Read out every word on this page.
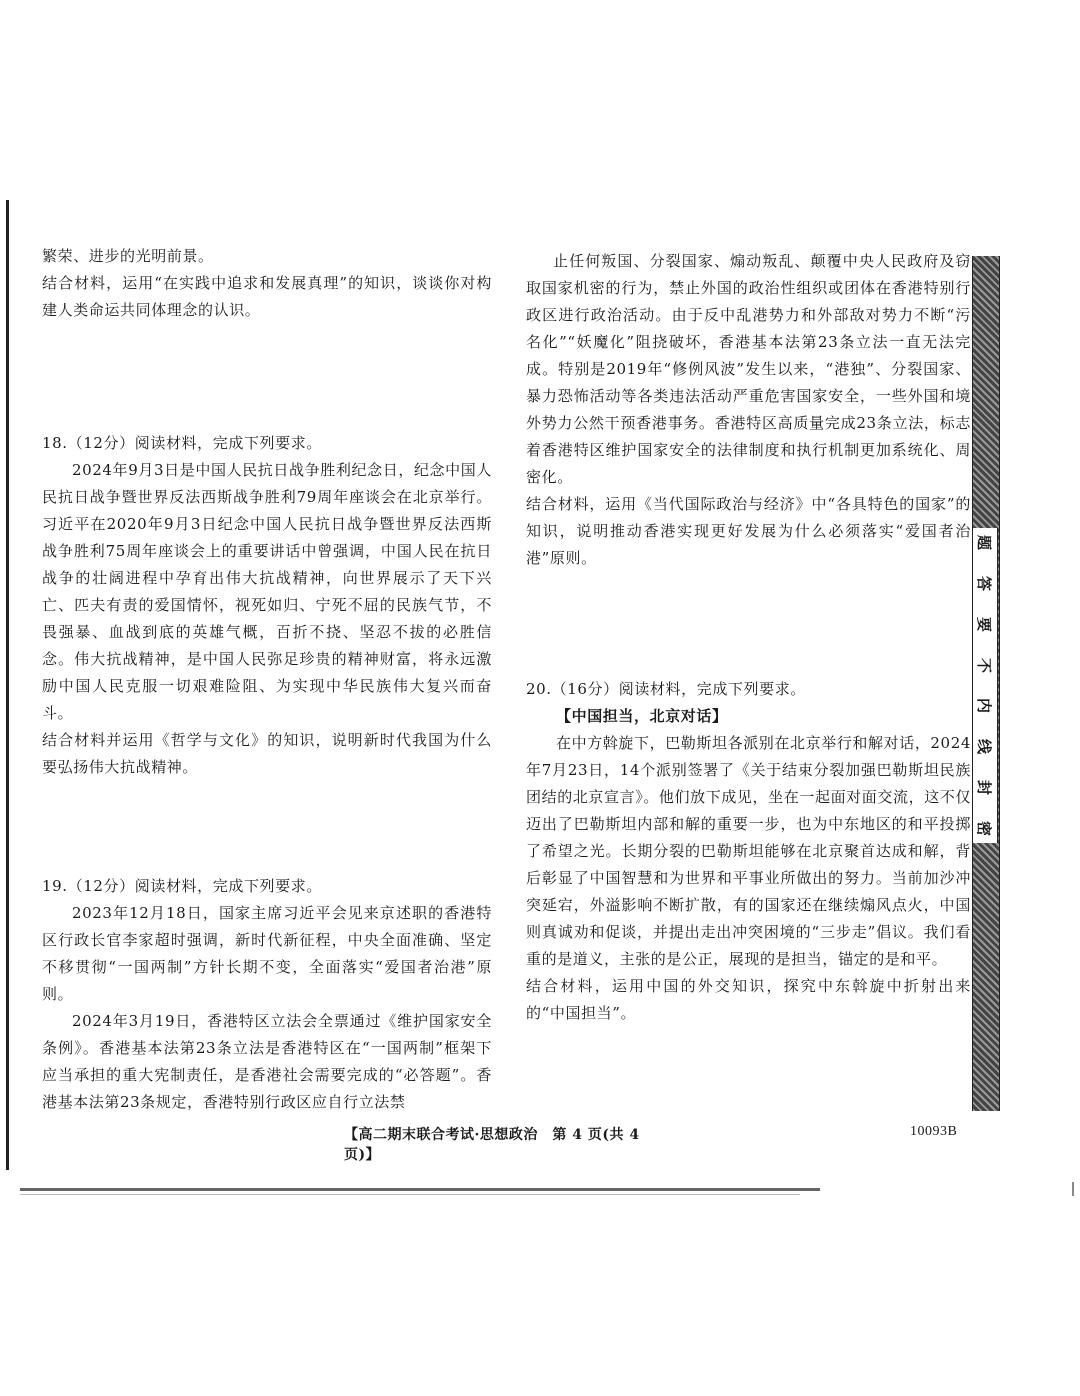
繁荣、进步的光明前景。

结合材料，运用“在实践中追求和发展真理”的知识，谈谈你对构建人类命运共同体理念的认识。

18.（12分）阅读材料，完成下列要求。

2024年9月3日是中国人民抗日战争胜利纪念日，纪念中国人民抗日战争暨世界反法西斯战争胜利79周年座谈会在北京举行。习近平在2020年9月3日纪念中国人民抗日战争暨世界反法西斯战争胜利75周年座谈会上的重要讲话中曾强调，中国人民在抗日战争的壮阔进程中孕育出伟大抗战精神，向世界展示了天下兴亡、匹夫有责的爱国情怀，视死如归、宁死不屈的民族气节，不畏强暴、血战到底的英雄气概，百折不挠、坚忍不拔的必胜信念。伟大抗战精神，是中国人民弥足珍贵的精神财富，将永远激励中国人民克服一切艰难险阻、为实现中华民族伟大复兴而奋斗。

结合材料并运用《哲学与文化》的知识，说明新时代我国为什么要弘扬伟大抗战精神。

19.（12分）阅读材料，完成下列要求。

2023年12月18日，国家主席习近平会见来京述职的香港特区行政长官李家超时强调，新时代新征程，中央全面准确、坚定不移贯彻“一国两制”方针长期不变，全面落实“爱国者治港”原则。

2024年3月19日，香港特区立法会全票通过《维护国家安全条例》。香港基本法第23条立法是香港特区在“一国两制”框架下应当承担的重大宪制责任，是香港社会需要完成的“必答题”。香港基本法第23条规定，香港特别行政区应自行立法禁

止任何叛国、分裂国家、煽动叛乱、颠覆中央人民政府及窃取国家机密的行为，禁止外国的政治性组织或团体在香港特别行政区进行政治活动。由于反中乱港势力和外部敌对势力不断“污名化”“妖魔化”阻挠破坏，香港基本法第23条立法一直无法完成。特别是2019年“修例风波”发生以来，“港独”、分裂国家、暴力恐怖活动等各类违法活动严重危害国家安全，一些外国和境外势力公然干预香港事务。香港特区高质量完成23条立法，标志着香港特区维护国家安全的法律制度和执行机制更加系统化、周密化。

结合材料，运用《当代国际政治与经济》中“各具特色的国家”的知识，说明推动香港实现更好发展为什么必须落实“爱国者治港”原则。

20.（16分）阅读材料，完成下列要求。

【中国担当，北京对话】

在中方斡旋下，巴勒斯坦各派别在北京举行和解对话，2024年7月23日，14个派别签署了《关于结束分裂加强巴勒斯坦民族团结的北京宣言》。他们放下成见，坐在一起面对面交流，这不仅迈出了巴勒斯坦内部和解的重要一步，也为中东地区的和平投掷了希望之光。长期分裂的巴勒斯坦能够在北京聚首达成和解，背后彰显了中国智慧和为世界和平事业所做出的努力。当前加沙冲突延宕，外溢影响不断扩散，有的国家还在继续煽风点火，中国则真诚劝和促谈，并提出走出冲突困境的“三步走”倡议。我们看重的是道义，主张的是公正，展现的是担当，锚定的是和平。

结合材料，运用中国的外交知识，探究中东斡旋中折射出来的“中国担当”。

题
答
要
不
内
线
封
密
【高二期末联合考试·思想政治　第 4 页(共 4 页)】
10093B
